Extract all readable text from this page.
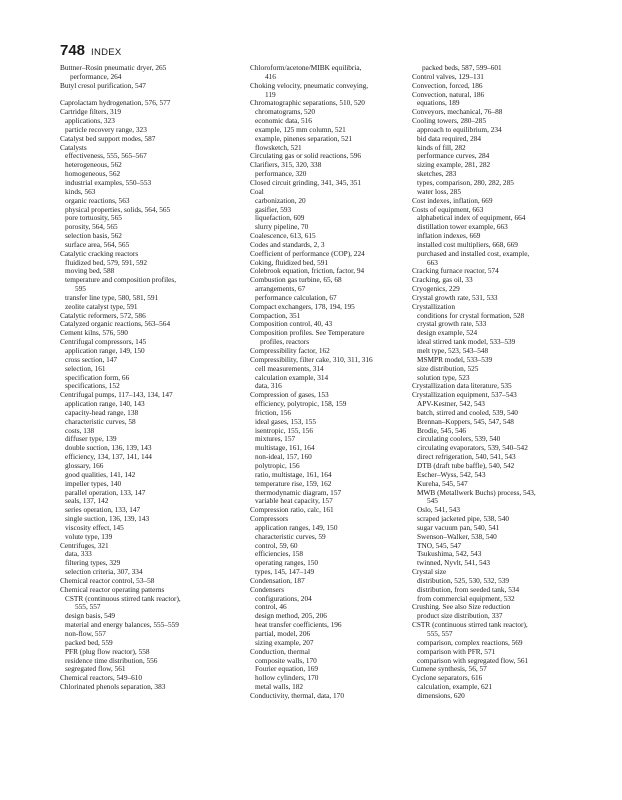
748 INDEX
Buttner–Rosin pneumatic dryer, 265
performance, 264
Butyl cresol purification, 547
Caprolactam hydrogenation, 576, 577
Cartridge filters, 319
applications, 323
particle recovery range, 323
Catalyst bed support modes, 587
Catalysts
effectiveness, 555, 565–567
heterogeneous, 562
homogeneous, 562
industrial examples, 550–553
kinds, 563
organic reactions, 563
physical properties, solids, 564, 565
pore tortuosity, 565
porosity, 564, 565
selection basis, 562
surface area, 564, 565
Catalytic cracking reactors
fluidized bed, 579, 591, 592
moving bed, 588
temperature and composition profiles,
595
transfer line type, 580, 581, 591
zeolite catalyst type, 591
Catalytic reformers, 572, 586
Catalyzed organic reactions, 563–564
Cement kilns, 576, 590
Centrifugal compressors, 145
application range, 149, 150
cross section, 147
selection, 161
specification form, 66
specifications, 152
Centrifugal pumps, 117–143, 134, 147
application range, 140, 143
capacity-head range, 138
characteristic curves, 58
costs, 138
diffuser type, 139
double suction, 136, 139, 143
efficiency, 134, 137, 141, 144
glossary, 166
good qualities, 141, 142
impeller types, 140
parallel operation, 133, 147
seals, 137, 142
series operation, 133, 147
single suction, 136, 139, 143
viscosity effect, 145
volute type, 139
Centrifuges, 321
data, 333
filtering types, 329
selection criteria, 307, 334
Chemical reactor control, 53–58
Chemical reactor operating patterns
CSTR (continuous stirred tank reactor),
555, 557
design basis, 549
material and energy balances, 555–559
non-flow, 557
packed bed, 559
PFR (plug flow reactor), 558
residence time distribution, 556
segregated flow, 561
Chemical reactors, 549–610
Chlorinated phenols separation, 383
Chloroform/acetone/MIBK equilibria,
416
Choking velocity, pneumatic conveying,
119
Chromatographic separations, 510, 520
chromatograms, 520
economic data, 516
example, 125 mm column, 521
example, pinenes separation, 521
flowsketch, 521
Circulating gas or solid reactions, 596
Clarifiers, 315, 320, 338
performance, 320
Closed circuit grinding, 341, 345, 351
Coal
carbonization, 20
gasifier, 593
liquefaction, 609
slurry pipeline, 70
Coalescence, 613, 615
Codes and standards, 2, 3
Coefficient of performance (COP), 224
Coking, fluidized bed, 591
Colebrook equation, friction, factor, 94
Combustion gas turbine, 65, 68
arrangements, 67
performance calculation, 67
Compact exchangers, 178, 194, 195
Compaction, 351
Composition control, 40, 43
Composition profiles. See Temperature
profiles, reactors
Compressibility factor, 162
Compressibility, filter cake, 310, 311, 316
cell measurements, 314
calculation example, 314
data, 316
Compression of gases, 153
efficiency, polytropic, 158, 159
friction, 156
ideal gases, 153, 155
isentropic, 155, 156
mixtures, 157
multistage, 161, 164
non-ideal, 157, 160
polytropic, 156
ratio, multistage, 161, 164
temperature rise, 159, 162
thermodynamic diagram, 157
variable heat capacity, 157
Compression ratio, calc, 161
Compressors
application ranges, 149, 150
characteristic curves, 59
control, 59, 60
efficiencies, 158
operating ranges, 150
types, 145, 147–149
Condensation, 187
Condensers
configurations, 204
control, 46
design method, 205, 206
heat transfer coefficients, 196
partial, model, 206
sizing example, 207
Conduction, thermal
composite walls, 170
Fourier equation, 169
hollow cylinders, 170
metal walls, 182
Conductivity, thermal, data, 170
packed beds, 587, 599–601
Control valves, 129–131
Convection, forced, 186
Convection, natural, 186
equations, 189
Conveyors, mechanical, 76–88
Cooling towers, 280–285
approach to equilibrium, 234
bid data required, 284
kinds of fill, 282
performance curves, 284
sizing example, 281, 282
sketches, 283
types, comparison, 280, 282, 285
water loss, 285
Cost indexes, inflation, 669
Costs of equipment, 663
alphabetical index of equipment, 664
distillation tower example, 663
inflation indexes, 669
installed cost multipliers, 668, 669
purchased and installed cost, example,
663
Cracking furnace reactor, 574
Cracking, gas oil, 33
Cryogenics, 229
Crystal growth rate, 531, 533
Crystallization
conditions for crystal formation, 528
crystal growth rate, 533
design example, 524
ideal stirred tank model, 533–539
melt type, 523, 543–548
MSMPR model, 533–539
size distribution, 525
solution type, 523
Crystallization data literature, 535
Crystallization equipment, 537–543
APV-Kestner, 542, 543
batch, stirred and cooled, 539, 540
Brennan–Koppers, 545, 547, 548
Brodie, 545, 546
circulating coolers, 539, 540
circulating evaporators, 539, 540–542
direct refrigeration, 540, 541, 543
DTB (draft tube baffle), 540, 542
Escher–Wyss, 542, 543
Kureha, 545, 547
MWB (Metallwerk Buchs) process, 543,
545
Oslo, 541, 543
scraped jacketed pipe, 538, 540
sugar vacuum pan, 540, 541
Swenson–Walker, 538, 540
TNO, 545, 547
Tsukushima, 542, 543
twinned, Nyvlt, 541, 543
Crystal size
distribution, 525, 530, 532, 539
distribution, from seeded tank, 534
from commercial equipment, 532
Crushing. See also Size reduction
product size distribution, 337
CSTR (continuous stirred tank reactor),
555, 557
comparison, complex reactions, 569
comparison with PFR, 571
comparison with segregated flow, 561
Cumene synthesis, 56, 57
Cyclone separators, 616
calculation, example, 621
dimensions, 620
